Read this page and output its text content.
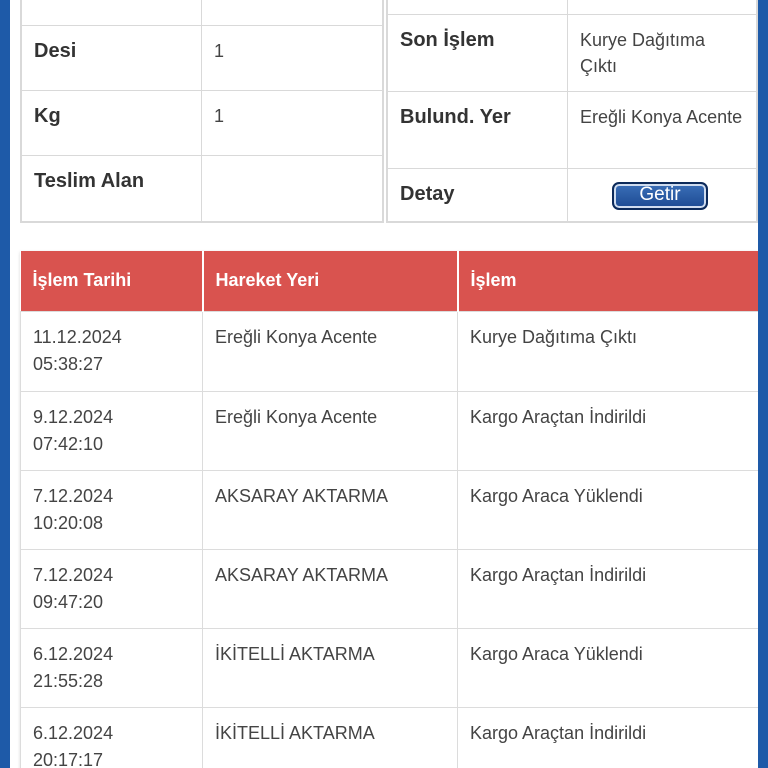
Desi	1
Kg	1
Teslim Alan
Son İşlem	Kurye Dağıtıma Çıktı
Bulund. Yer	Ereğli Konya Acente
Detay	Getir
İşlem Tarihi	Hareket Yeri	İşlem
11.12.2024
05:38:27	Ereğli Konya Acente	Kurye Dağıtıma Çıktı
9.12.2024
07:42:10	Ereğli Konya Acente	Kargo Araçtan İndirildi
7.12.2024
10:20:08	AKSARAY AKTARMA	Kargo Araca Yüklendi
7.12.2024
09:47:20	AKSARAY AKTARMA	Kargo Araçtan İndirildi
6.12.2024
21:55:28	İKİTELLİ AKTARMA	Kargo Araca Yüklendi
6.12.2024
20:17:17	İKİTELLİ AKTARMA	Kargo Araçtan İndirildi
